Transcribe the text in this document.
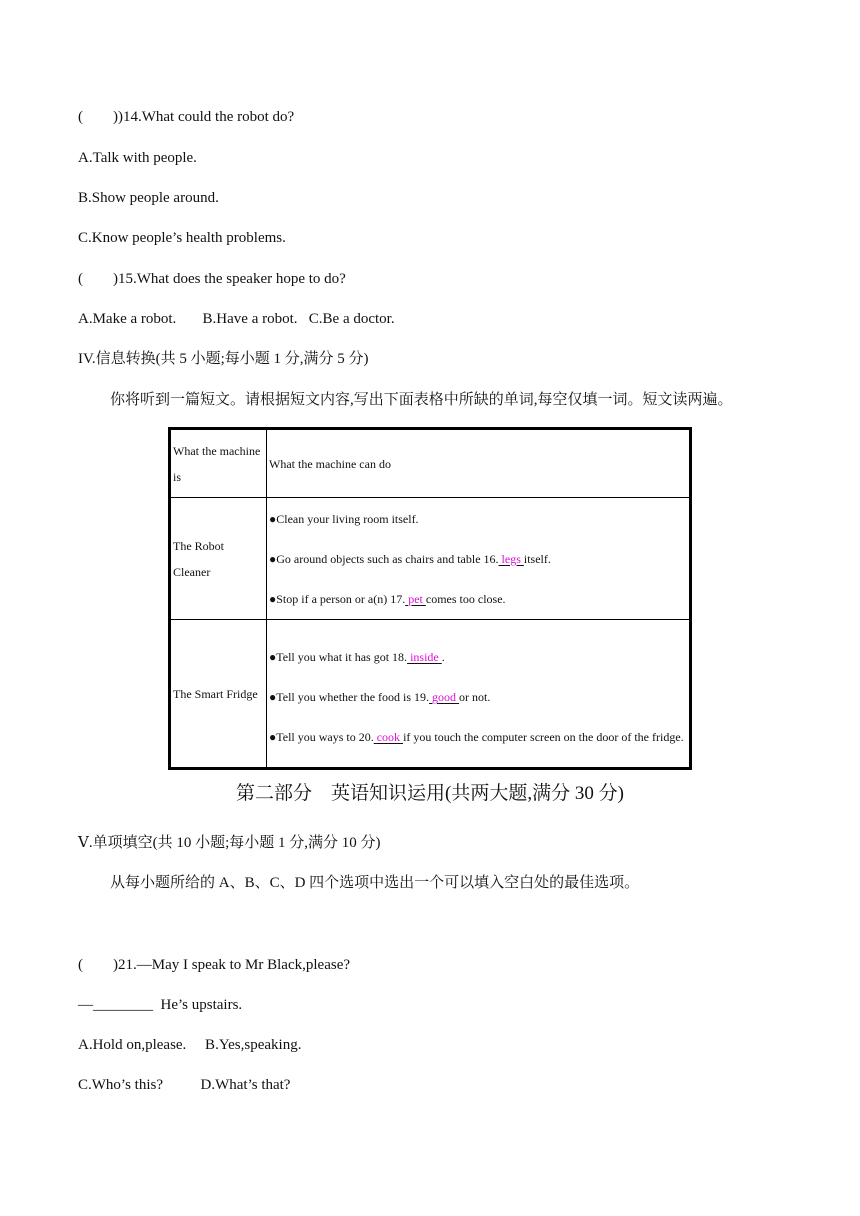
(        ))14.What could the robot do?
A.Talk with people.
B.Show people around.
C.Know people’s health problems.
(        )15.What does the speaker hope to do?
A.Make a robot.       B.Have a robot.   C.Be a doctor.
IV.信息转换(共 5 小题;每小题 1 分,满分 5 分)
你将听到一篇短文。请根据短文内容,写出下面表格中所缺的单词,每空仅填一词。短文读两遍。
What the machine is	What the machine can do
The Robot Cleaner	●Clean your living room itself.
●Go around objects such as chairs and table 16. legs itself.
●Stop if a person or a(n) 17. pet comes too close.

The Smart Fridge	●Tell you what it has got 18. inside .
●Tell you whether the food is 19. good or not.
●Tell you ways to 20. cook if you touch the computer screen on the door of the fridge.
第二部分　英语知识运用(共两大题,满分 30 分)
Ⅴ.单项填空(共 10 小题;每小题 1 分,满分 10 分)
从每小题所给的 A、B、C、D 四个选项中选出一个可以填入空白处的最佳选项。
(        )21.—May I speak to Mr Black,please?
—________  He’s upstairs.
A.Hold on,please.     B.Yes,speaking.
C.Who’s this?          D.What’s that?
